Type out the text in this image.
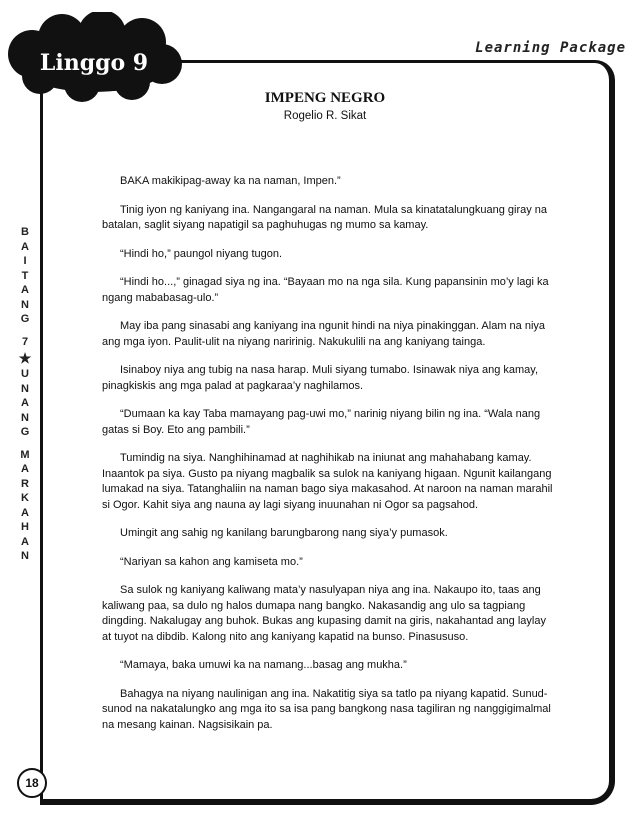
Linggo 9
Learning Package
B
A
I
T
A
N
G
7
★
U
N
A
N
G
M
A
R
K
A
H
A
N
18
IMPENG NEGRO
Rogelio R. Sikat

BAKA makikipag-away ka na naman, Impen.”

Tinig iyon ng kaniyang ina. Nangangaral na naman. Mula sa kinatatalungkuang giray na batalan, saglit siyang napatigil sa paghuhugas ng mumo sa kamay.

“Hindi ho,” paungol niyang tugon.

“Hindi ho...,” ginagad siya ng ina. “Bayaan mo na nga sila. Kung papansinin mo’y lagi ka ngang mababasag-ulo.”

May iba pang sinasabi ang kaniyang ina ngunit hindi na niya pinakinggan. Alam na niya ang mga iyon. Paulit-ulit na niyang naririnig. Nakukulili na ang kaniyang tainga.

Isinaboy niya ang tubig na nasa harap. Muli siyang tumabo. Isinawak niya ang kamay, pinagkiskis ang mga palad at pagkaraa’y naghilamos.

“Dumaan ka kay Taba mamayang pag-uwi mo,” narinig niyang bilin ng ina. “Wala nang gatas si Boy. Eto ang pambili.”

Tumindig na siya. Nanghihinamad at naghihikab na iniunat ang mahahabang kamay. Inaantok pa siya. Gusto pa niyang magbalik sa sulok na kaniyang higaan. Ngunit kailangang lumakad na siya. Tatanghaliin na naman bago siya makasahod. At naroon na naman marahil si Ogor. Kahit siya ang nauna ay lagi siyang inuunahan ni Ogor sa pagsahod.

Umingit ang sahig ng kanilang barungbarong nang siya’y pumasok.

“Nariyan sa kahon ang kamiseta mo.”

Sa sulok ng kaniyang kaliwang mata’y nasulyapan niya ang ina. Nakaupo ito, taas ang kaliwang paa, sa dulo ng halos dumapa nang bangko. Nakasandig ang ulo sa tagpiang dingding. Nakalugay ang buhok. Bukas ang kupasing damit na giris, nakahantad ang laylay at tuyot na dibdib. Kalong nito ang kaniyang kapatid na bunso. Pinasususo.

“Mamaya, baka umuwi ka na namang...basag ang mukha.”

Bahagya na niyang naulinigan ang ina. Nakatitig siya sa tatlo pa niyang kapatid. Sunud-sunod na nakatalungko ang mga ito sa isa pang bangkong nasa tagiliran ng nanggigimalmal na mesang kainan. Nagsisikain pa.
